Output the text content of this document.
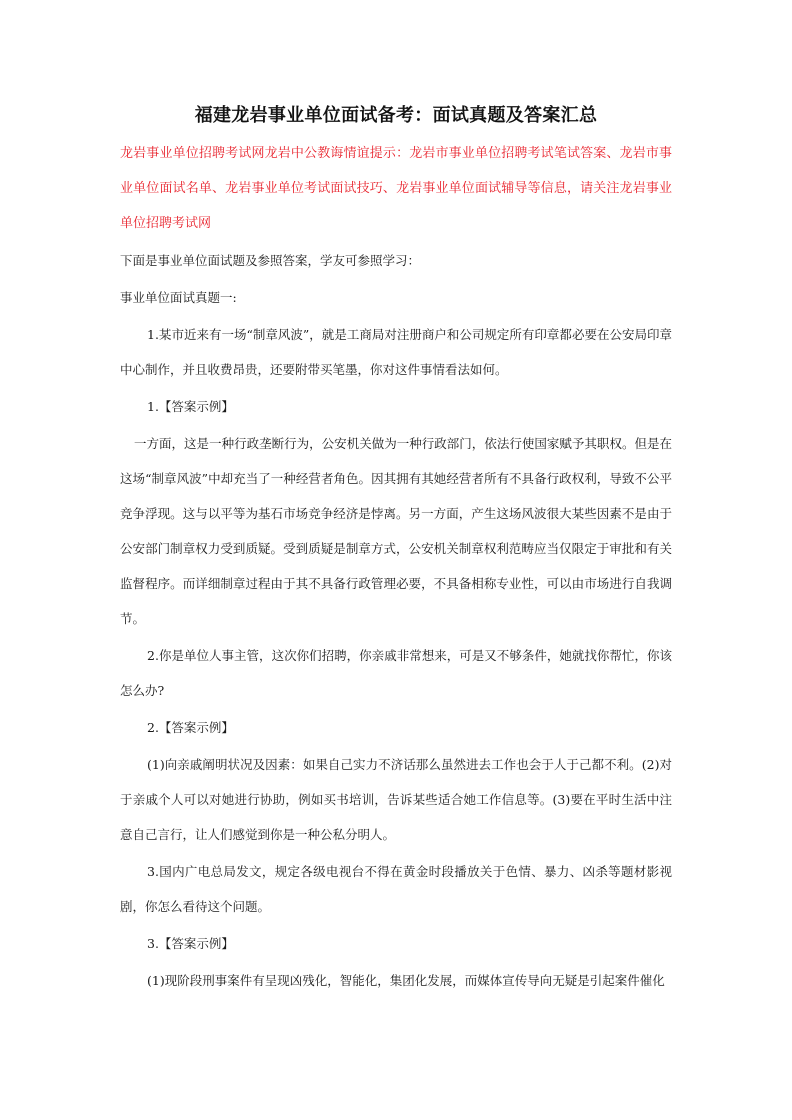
福建龙岩事业单位面试备考：面试真题及答案汇总

龙岩事业单位招聘考试网龙岩中公教诲情谊提示：龙岩市事业单位招聘考试笔试答案、龙岩市事业单位面试名单、龙岩事业单位考试面试技巧、龙岩事业单位面试辅导等信息，请关注龙岩事业单位招聘考试网

下面是事业单位面试题及参照答案，学友可参照学习：

事业单位面试真题一:

1.某市近来有一场“制章风波”，就是工商局对注册商户和公司规定所有印章都必要在公安局印章中心制作，并且收费昂贵，还要附带买笔墨，你对这件事情看法如何。

1.【答案示例】

一方面，这是一种行政垄断行为，公安机关做为一种行政部门，依法行使国家赋予其职权。但是在这场“制章风波”中却充当了一种经营者角色。因其拥有其她经营者所有不具备行政权利，导致不公平竞争浮现。这与以平等为基石市场竞争经济是悖离。另一方面，产生这场风波很大某些因素不是由于公安部门制章权力受到质疑。受到质疑是制章方式，公安机关制章权利范畴应当仅限定于审批和有关监督程序。而详细制章过程由于其不具备行政管理必要，不具备相称专业性，可以由市场进行自我调节。

2.你是单位人事主管，这次你们招聘，你亲戚非常想来，可是又不够条件，她就找你帮忙，你该怎么办?

2.【答案示例】

(1)向亲戚阐明状况及因素：如果自己实力不济话那么虽然进去工作也会于人于己都不利。(2)对于亲戚个人可以对她进行协助，例如买书培训，告诉某些适合她工作信息等。(3)要在平时生活中注意自己言行，让人们感觉到你是一种公私分明人。

3.国内广电总局发文，规定各级电视台不得在黄金时段播放关于色情、暴力、凶杀等题材影视剧，你怎么看待这个问题。

3.【答案示例】

(1)现阶段刑事案件有呈现凶残化，智能化，集团化发展，而媒体宣传导向无疑是引起案件催化
